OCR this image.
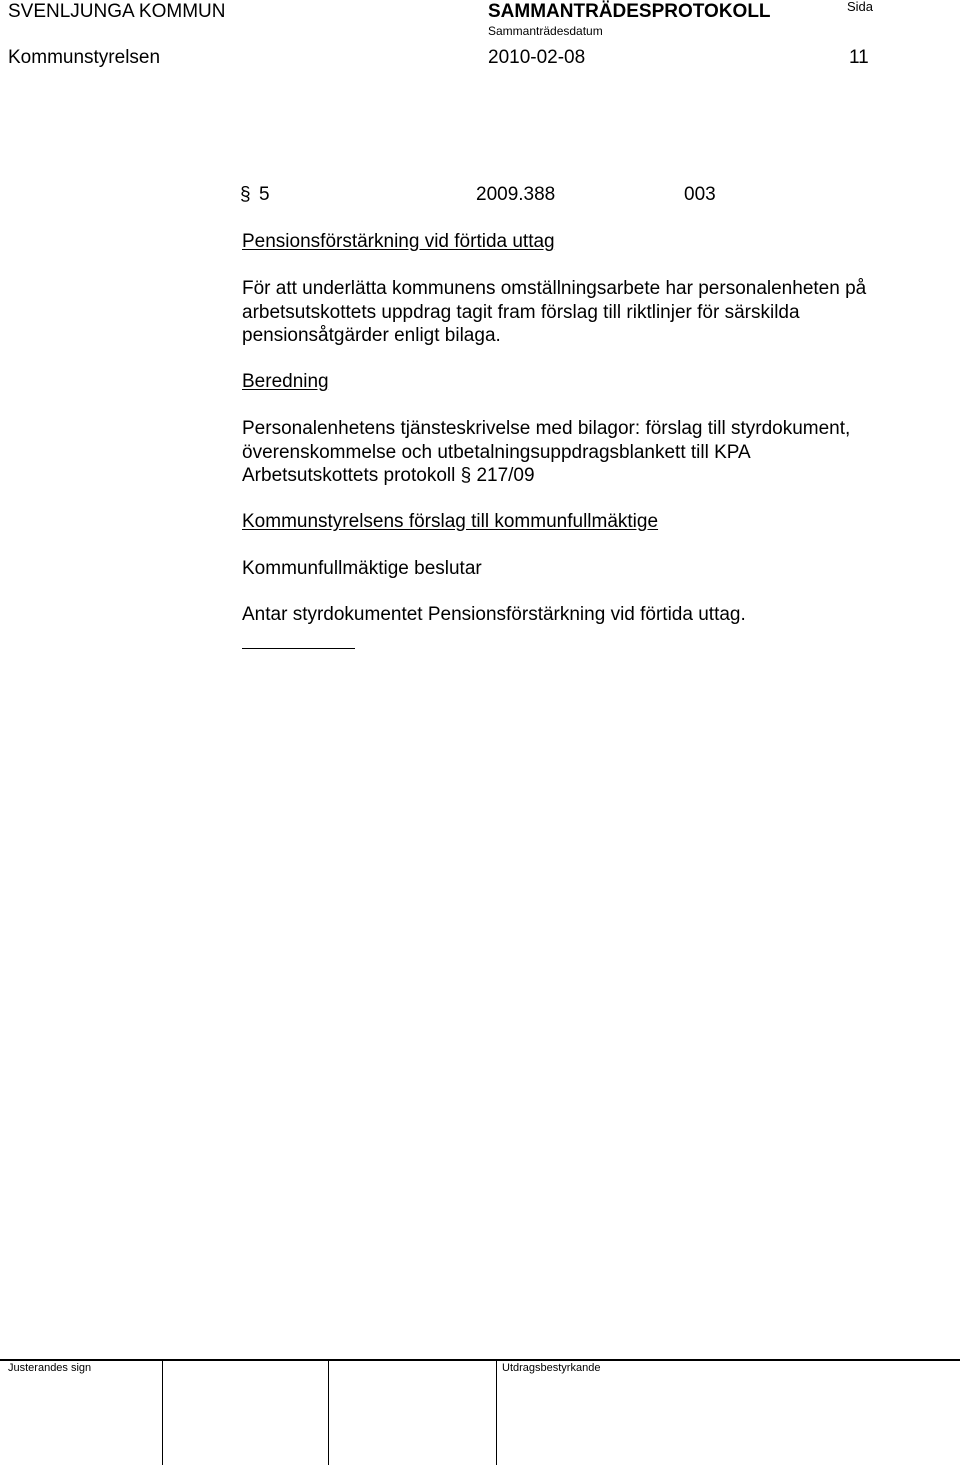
SVENLJUNGA KOMMUN	SAMMANTRÄDESPROTOKOLL	Sida
Sammanträdesdatum
Kommunstyrelsen	2010-02-08	11
§ 5	2009.388	003
Pensionsförstärkning vid förtida uttag
För att underlätta kommunens omställningsarbete har personalenheten på
arbetsutskottets uppdrag tagit fram förslag till riktlinjer för särskilda
pensionsåtgärder enligt bilaga.
Beredning
Personalenhetens tjänsteskrivelse med bilagor: förslag till styrdokument,
överenskommelse och utbetalningsuppdragsblankett till KPA
Arbetsutskottets protokoll § 217/09
Kommunstyrelsens förslag till kommunfullmäktige
Kommunfullmäktige beslutar
Antar styrdokumentet Pensionsförstärkning vid förtida uttag.
Justerandes sign	Utdragsbestyrkande
